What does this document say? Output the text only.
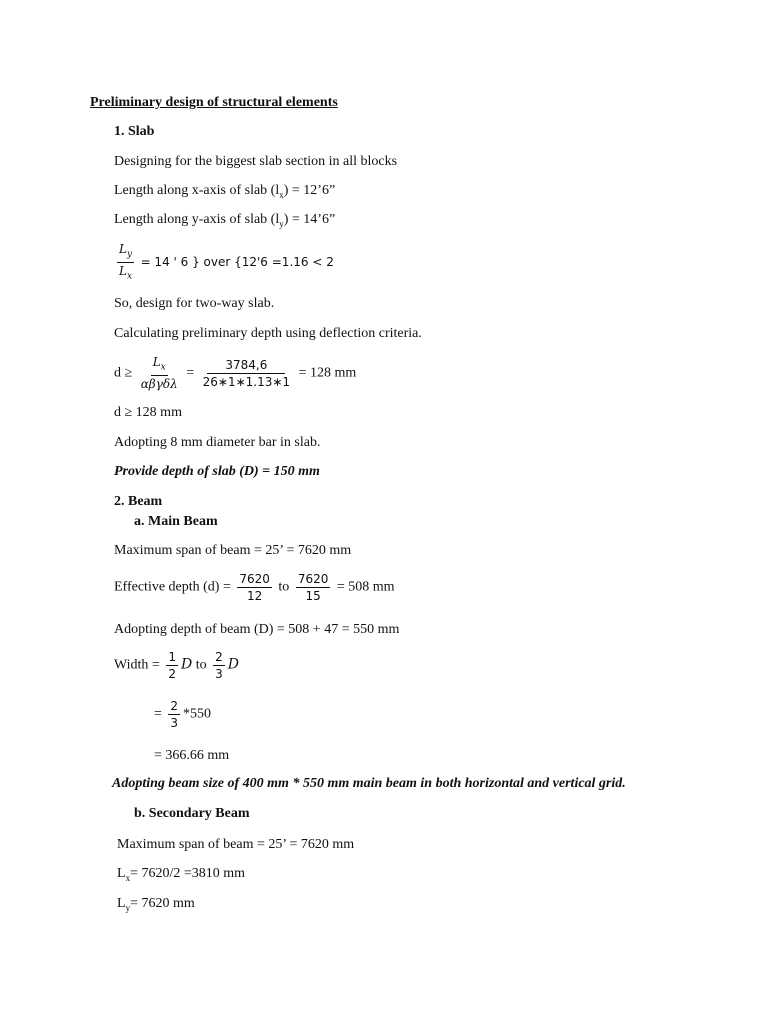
Preliminary design of structural elements
1. Slab
Designing for the biggest slab section in all blocks
Length along x-axis of slab $(l_x)$ = 12’6”
Length along y-axis of slab $(l_y)$ = 14’6”
$\frac{L_y}{L_x} = 14$ ' 6 } over {12'6 =1.16 < 2
So, design for two-way slab.
Calculating preliminary depth using deflection criteria.
$d \ge \frac{L_x}{\text{αβγδλ}} = \frac{3784,6}{26∗1∗1.13∗1} = 128$ mm
d ≥ 128 mm
Adopting 8 mm diameter bar in slab.
Provide depth of slab (D) = 150 mm
2. Beam
a. Main Beam
Maximum span of beam = 25’ = 7620 mm
Effective depth $(d) = \frac{7620}{12}$ to $\frac{7620}{15} = 508$ mm
Adopting depth of beam (D) = 508 + 47 = 550 mm
Width = $\frac{1}{2}$ D to $\frac{2}{3}$ D
= $\frac{2}{3} *550$
= 366.66 mm
Adopting beam size of 400 mm * 550 mm main beam in both horizontal and vertical grid.
b. Secondary Beam
Maximum span of beam = 25’ = 7620 mm
$L_x= 7620/2 =3810$ mm
$L_y= 7620$ mm
